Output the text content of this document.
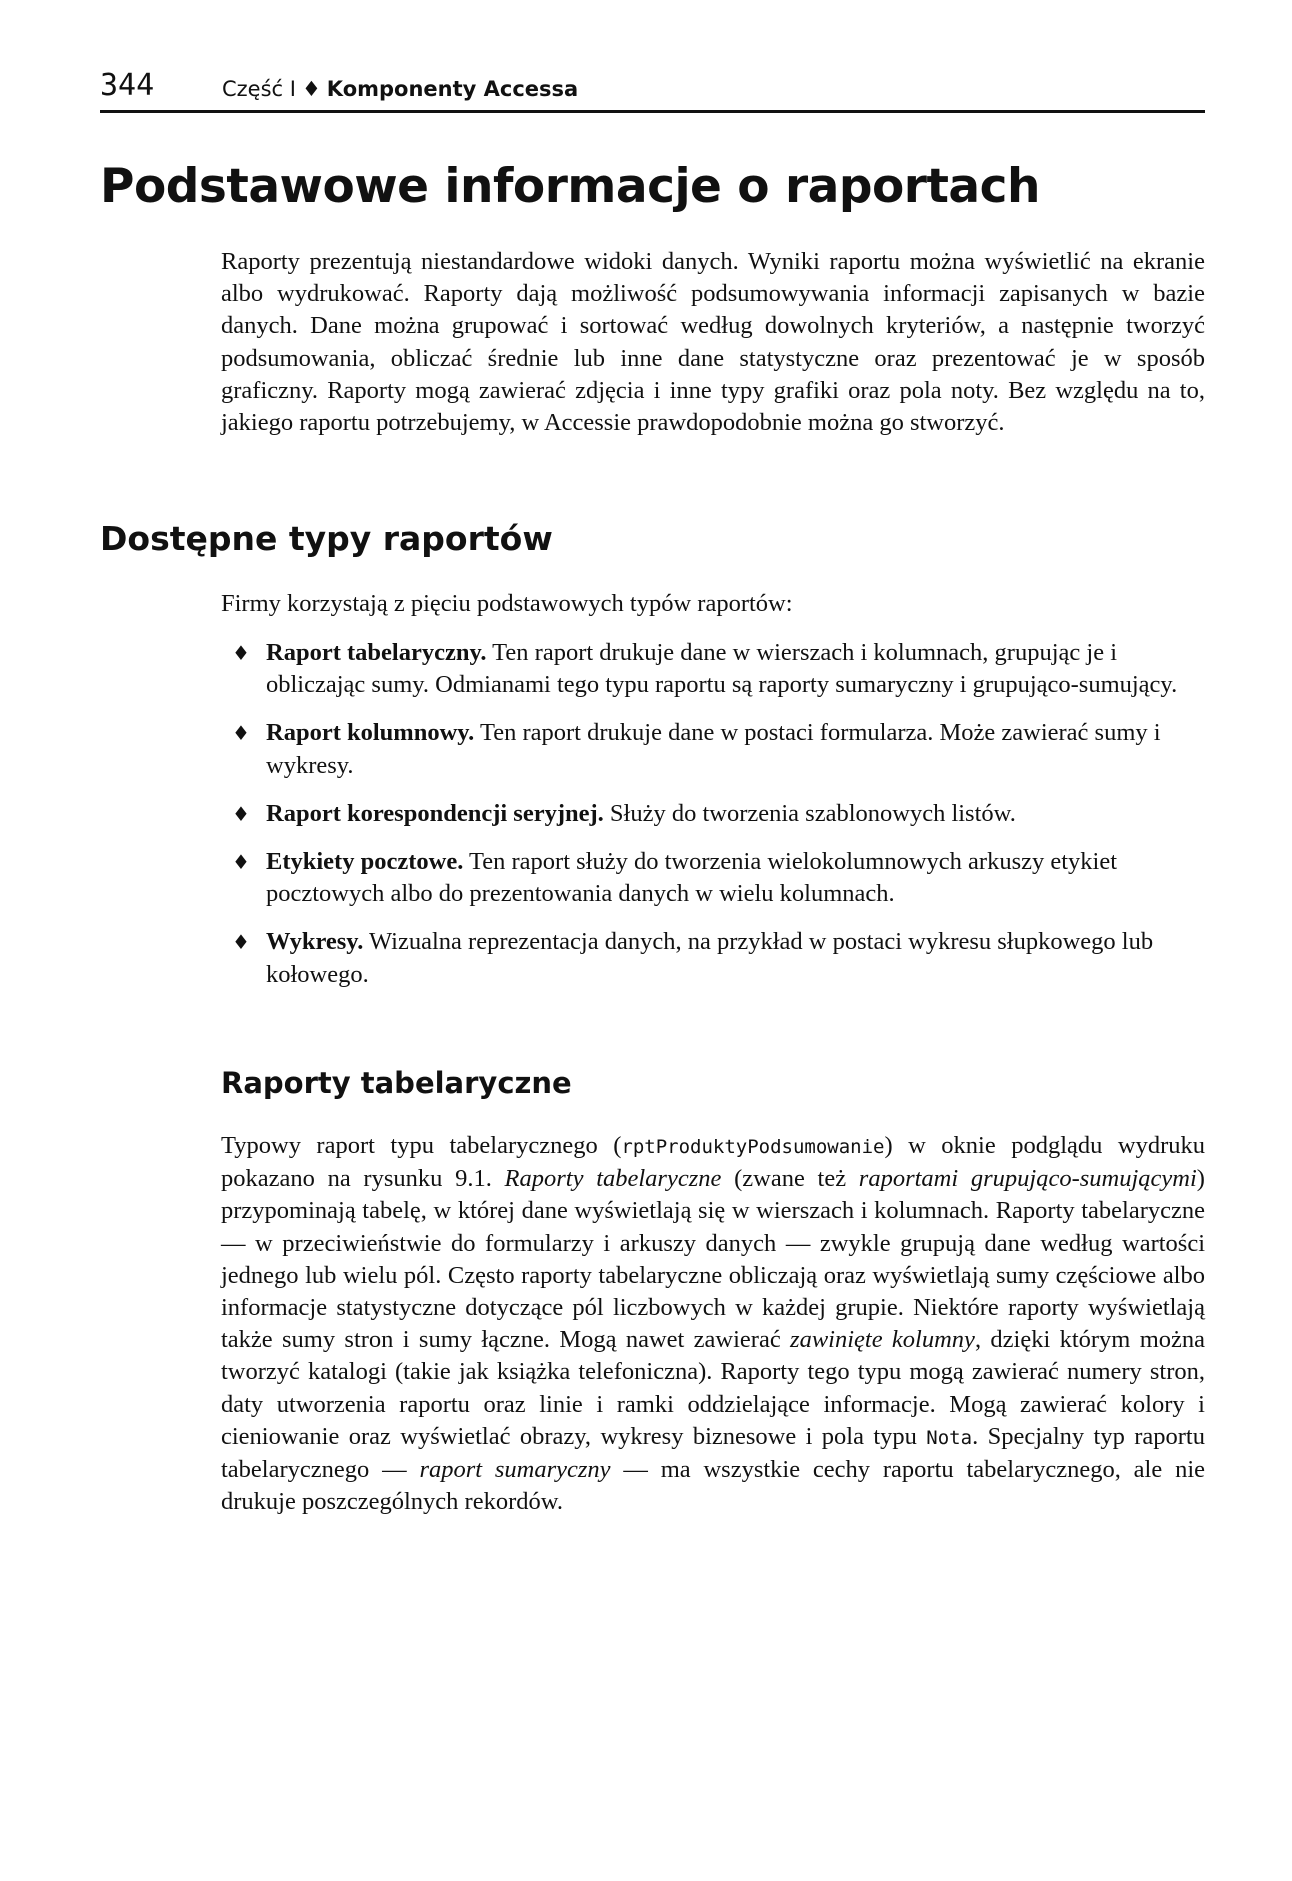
344	Część I ♦ Komponenty Accessa
Podstawowe informacje o raportach

Raporty prezentują niestandardowe widoki danych. Wyniki raportu można wyświetlić na ekranie albo wydrukować. Raporty dają możliwość podsumowywania informacji zapisanych w bazie danych. Dane można grupować i sortować według dowolnych kryteriów, a następnie tworzyć podsumowania, obliczać średnie lub inne dane statystyczne oraz prezentować je w sposób graficzny. Raporty mogą zawierać zdjęcia i inne typy grafiki oraz pola noty. Bez względu na to, jakiego raportu potrzebujemy, w Accessie prawdopodobnie można go stworzyć.

Dostępne typy raportów

Firmy korzystają z pięciu podstawowych typów raportów:

♦ Raport tabelaryczny. Ten raport drukuje dane w wierszach i kolumnach, grupując je i obliczając sumy. Odmianami tego typu raportu są raporty sumaryczny i grupująco-sumujący.
♦ Raport kolumnowy. Ten raport drukuje dane w postaci formularza. Może zawierać sumy i wykresy.
♦ Raport korespondencji seryjnej. Służy do tworzenia szablonowych listów.
♦ Etykiety pocztowe. Ten raport służy do tworzenia wielokolumnowych arkuszy etykiet pocztowych albo do prezentowania danych w wielu kolumnach.
♦ Wykresy. Wizualna reprezentacja danych, na przykład w postaci wykresu słupkowego lub kołowego.
Raporty tabelaryczne

Typowy raport typu tabelarycznego (rptProduktyPodsumowanie) w oknie podglądu wydruku pokazano na rysunku 9.1. Raporty tabelaryczne (zwane też raportami grupująco-sumującymi) przypominają tabelę, w której dane wyświetlają się w wierszach i kolumnach. Raporty tabelaryczne — w przeciwieństwie do formularzy i arkuszy danych — zwykle grupują dane według wartości jednego lub wielu pól. Często raporty tabelaryczne obliczają oraz wyświetlają sumy częściowe albo informacje statystyczne dotyczące pól liczbowych w każdej grupie. Niektóre raporty wyświetlają także sumy stron i sumy łączne. Mogą nawet zawierać zawinięte kolumny, dzięki którym można tworzyć katalogi (takie jak książka telefoniczna). Raporty tego typu mogą zawierać numery stron, daty utworzenia raportu oraz linie i ramki oddzielające informacje. Mogą zawierać kolory i cieniowanie oraz wyświetlać obrazy, wykresy biznesowe i pola typu Nota. Specjalny typ raportu tabelarycznego — raport sumaryczny — ma wszystkie cechy raportu tabelarycznego, ale nie drukuje poszczególnych rekordów.
